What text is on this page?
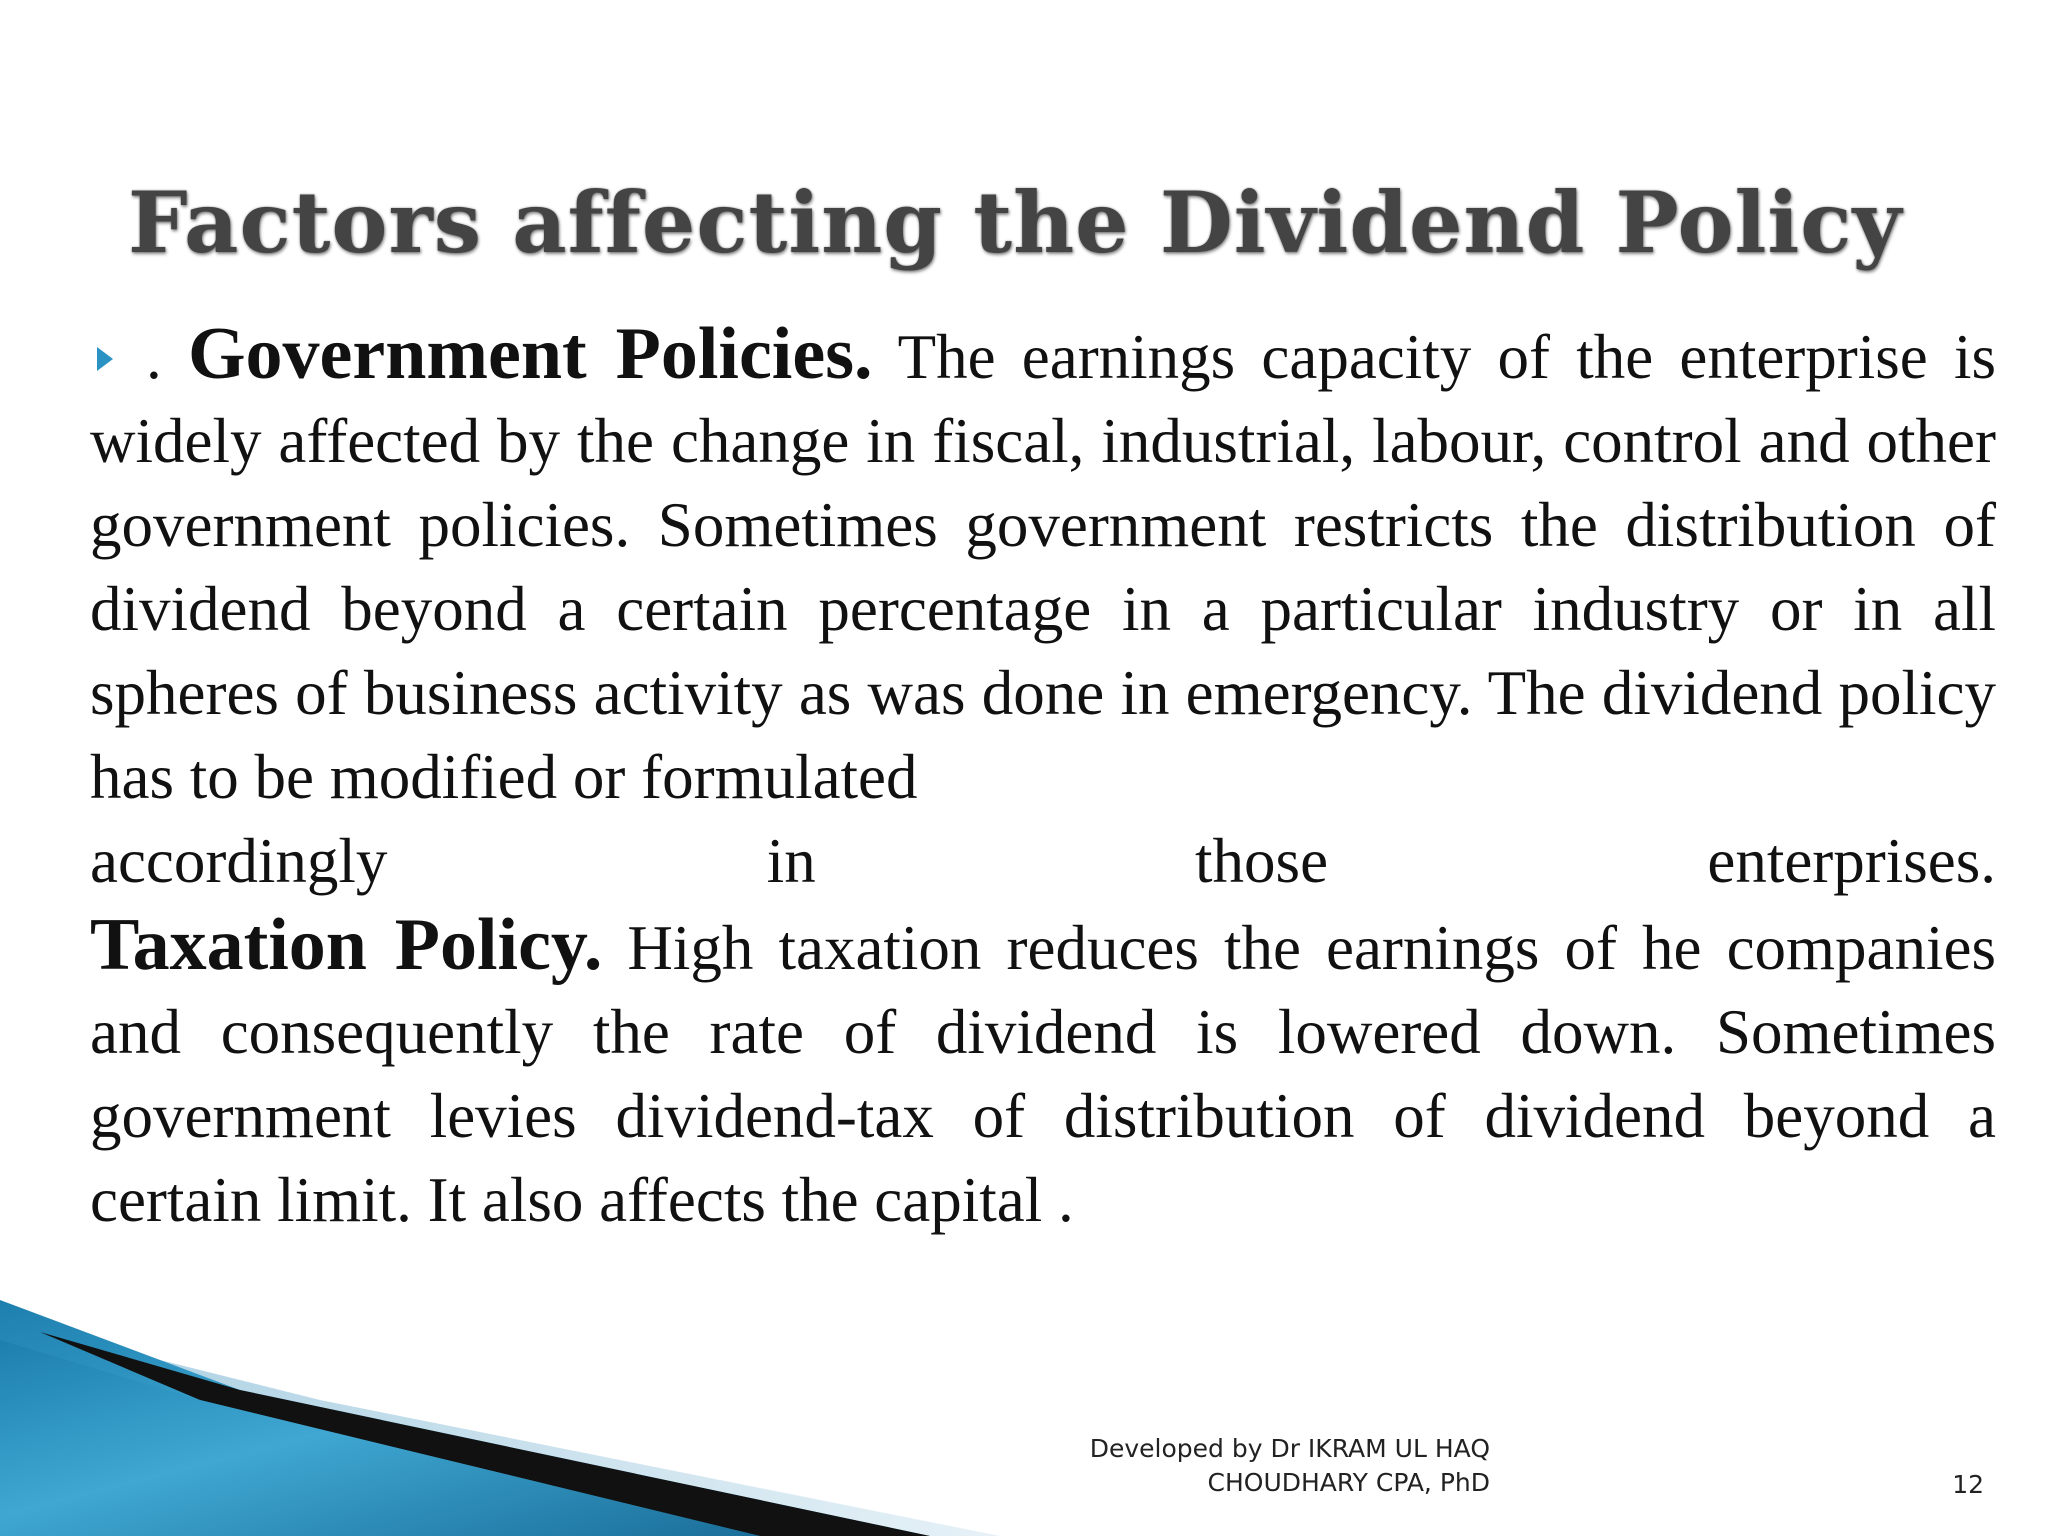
Factors affecting the Dividend Policy
. Government Policies. The earnings capacity of the enterprise is widely affected by the change in fiscal, industrial, labour, control and other government policies. Sometimes government restricts the distribution of dividend beyond a certain percentage in a particular industry or in all spheres of business activity as was done in emergency. The dividend policy has to be modified or formulated
accordingly in those enterprises.
Taxation Policy. High taxation reduces the earnings of he companies and consequently the rate of dividend is lowered down. Sometimes government levies dividend-tax of distribution of dividend beyond a certain limit. It also affects the capital .
Developed by Dr IKRAM UL HAQ
CHOUDHARY CPA, PhD	12
